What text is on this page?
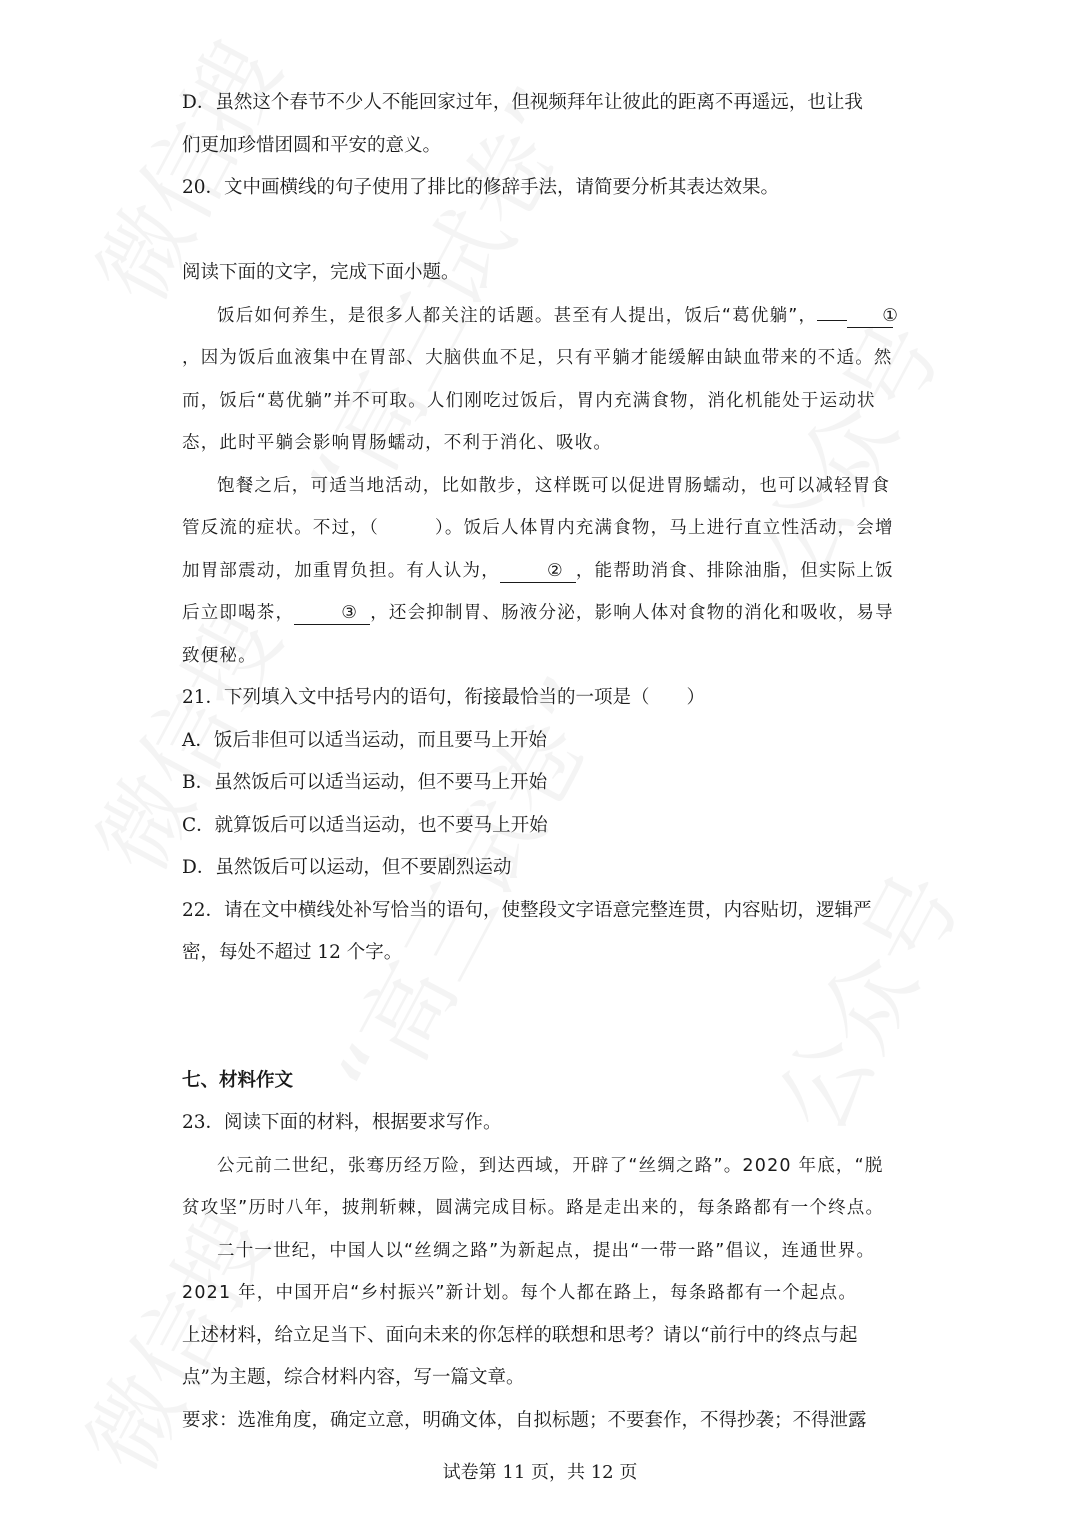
D．虽然这个春节不少人不能回家过年，但视频拜年让彼此的距离不再遥远，也让我

们更加珍惜团圆和平安的意义。

20．文中画横线的句子使用了排比的修辞手法，请简要分析其表达效果。

阅读下面的文字，完成下面小题。

饭后如何养生，是很多人都关注的话题。甚至有人提出，饭后“葛优躺”，	①，因为饭后血液集中在胃部、大脑供血不足，只有平躺才能缓解由缺血带来的不适。然而，饭后“葛优躺”并不可取。人们刚吃过饭后，胃内充满食物，消化机能处于运动状态，此时平躺会影响胃肠蠕动，不利于消化、吸收。

饱餐之后，可适当地活动，比如散步，这样既可以促进胃肠蠕动，也可以减轻胃食管反流的症状。不过，（	）。饭后人体胃内充满食物，马上进行直立性活动，会增加胃部震动，加重胃负担。有人认为，	② ，能帮助消食、排除油脂，但实际上饭后立即喝茶，	③ ，还会抑制胃、肠液分泌，影响人体对食物的消化和吸收，易导致便秘。

21．下列填入文中括号内的语句，衔接最恰当的一项是（　　）

A．饭后非但可以适当运动，而且要马上开始

B．虽然饭后可以适当运动，但不要马上开始

C．就算饭后可以适当运动，也不要马上开始

D．虽然饭后可以运动，但不要剧烈运动

22．请在文中横线处补写恰当的语句，使整段文字语意完整连贯，内容贴切，逻辑严

密，每处不超过 12 个字。

七、材料作文

23．阅读下面的材料，根据要求写作。

公元前二世纪，张骞历经万险，到达西域，开辟了“丝绸之路”。2020 年底，“脱贫攻坚”历时八年，披荆斩棘，圆满完成目标。路是走出来的，每条路都有一个终点。

二十一世纪，中国人以“丝绸之路”为新起点，提出“一带一路”倡议，连通世界。2021 年，中国开启“乡村振兴”新计划。每个人都在路上，每条路都有一个起点。

上述材料，给立足当下、面向未来的你怎样的联想和思考？请以“前行中的终点与起点”为主题，综合材料内容，写一篇文章。

要求：选准角度，确定立意，明确文体，自拟标题；不要套作，不得抄袭；不得泄露

试卷第 11 页，共 12 页
